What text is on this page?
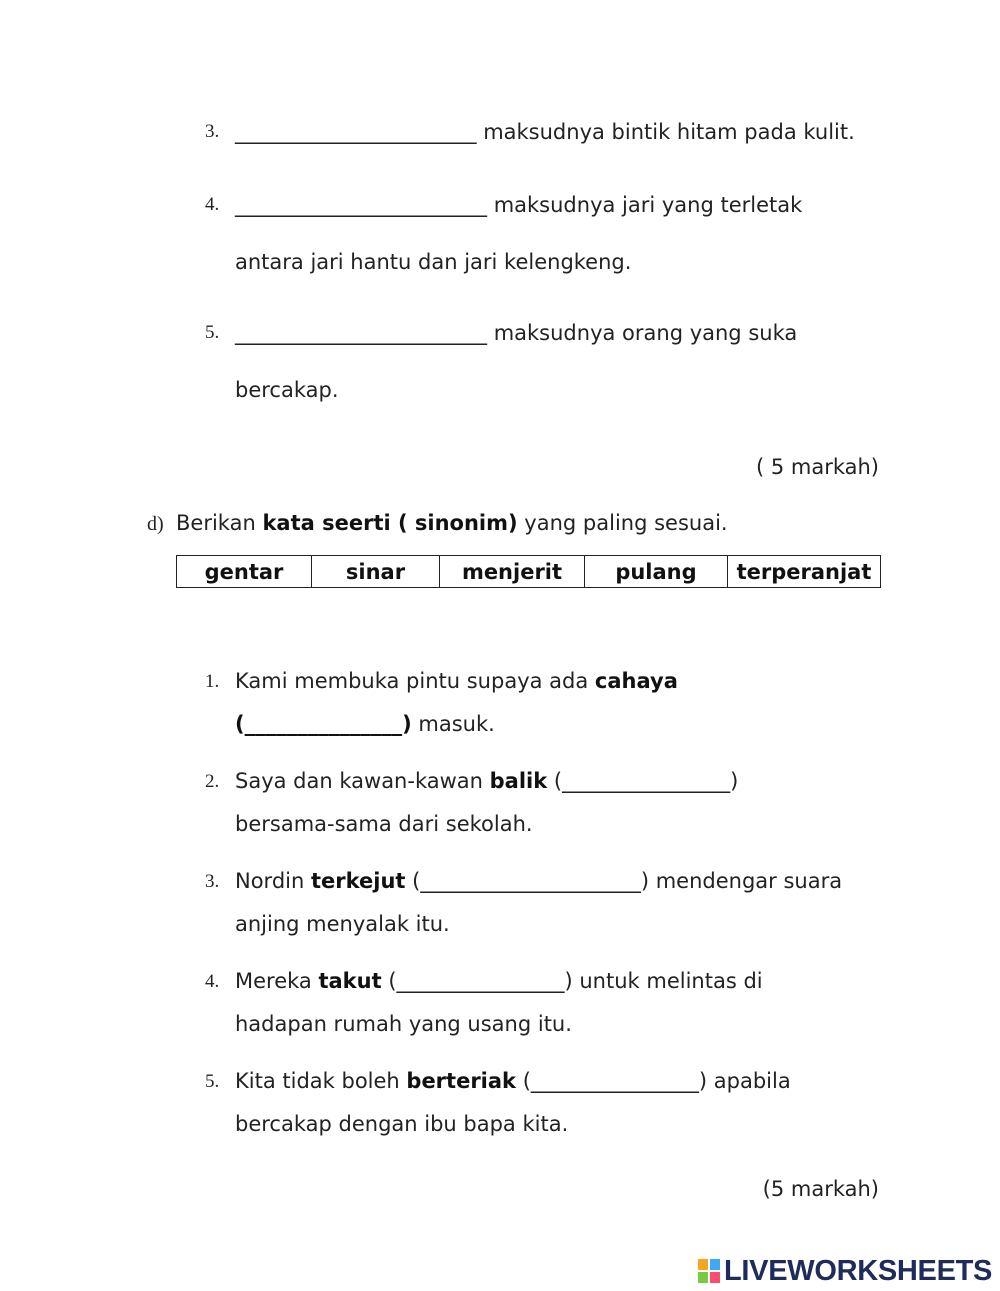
3. _______________________ maksudnya bintik hitam pada kulit.
4. ________________________ maksudnya jari yang terletak
antara jari hantu dan jari kelengkeng.
5. ________________________ maksudnya orang yang suka
bercakap.
( 5 markah)
d) Berikan kata seerti ( sinonim) yang paling sesuai.
gentar	sinar	menjerit	pulang	terperanjat
1. Kami membuka pintu supaya ada cahaya
(_______________) masuk.
2. Saya dan kawan-kawan balik (________________)
bersama-sama dari sekolah.
3. Nordin terkejut (_____________________) mendengar suara
anjing menyalak itu.
4. Mereka takut (________________) untuk melintas di
hadapan rumah yang usang itu.
5. Kita tidak boleh berteriak (________________) apabila
bercakap dengan ibu bapa kita.
(5 markah)
LIVEWORKSHEETS
